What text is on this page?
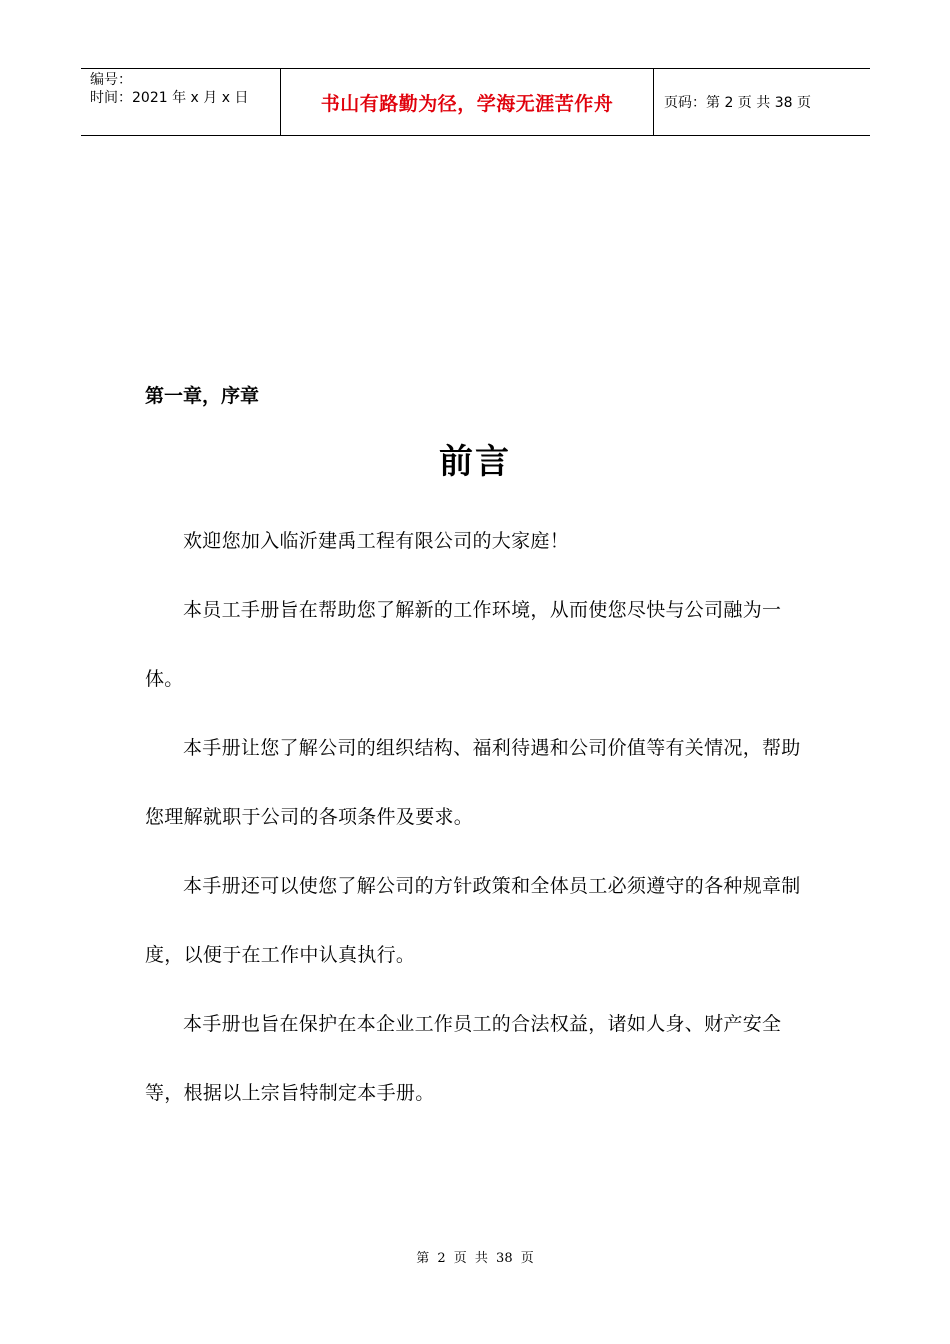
编号：
时间：2021 年 x 月 x 日	书山有路勤为径，学海无涯苦作舟	页码：第 2 页 共 38 页
第一章，序章
前言

欢迎您加入临沂建禹工程有限公司的大家庭！

本员工手册旨在帮助您了解新的工作环境，从而使您尽快与公司融为一体。

本手册让您了解公司的组织结构、福利待遇和公司价值等有关情况，帮助您理解就职于公司的各项条件及要求。

本手册还可以使您了解公司的方针政策和全体员工必须遵守的各种规章制度，以便于在工作中认真执行。

本手册也旨在保护在本企业工作员工的合法权益，诸如人身、财产安全等，根据以上宗旨特制定本手册。

第 2 页 共 38 页
